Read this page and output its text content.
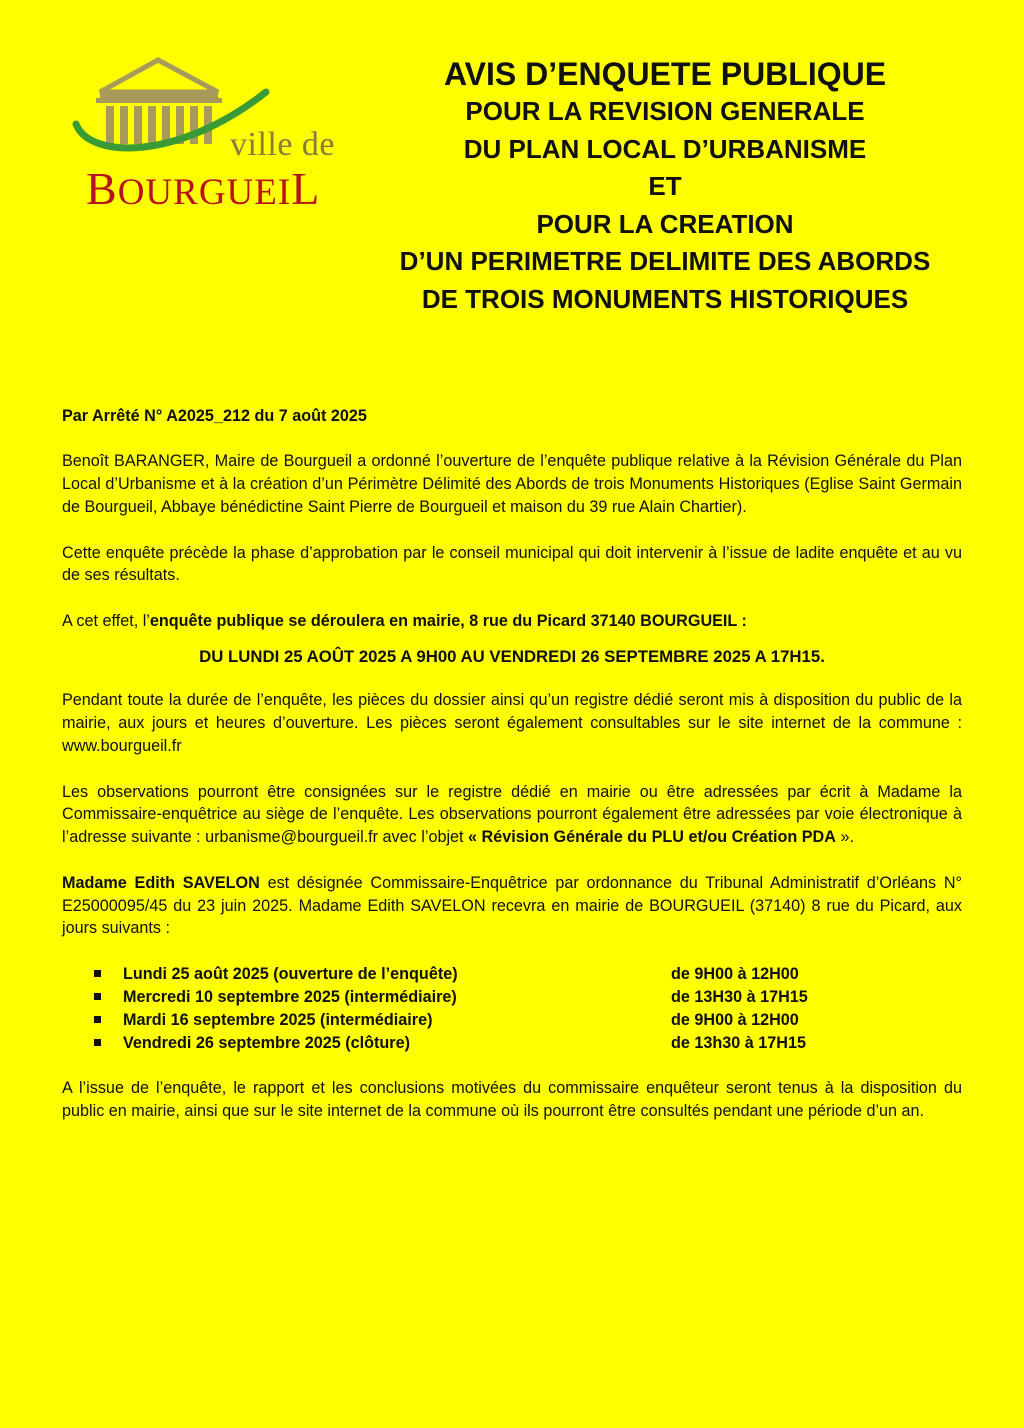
ville de
BOURGUEIL
AVIS D’ENQUETE PUBLIQUE
POUR LA REVISION GENERALE
DU PLAN LOCAL D’URBANISME
ET
POUR LA CREATION
D’UN PERIMETRE DELIMITE DES ABORDS
DE TROIS MONUMENTS HISTORIQUES

Par Arrêté N° A2025_212 du 7 août 2025

Benoît BARANGER, Maire de Bourgueil a ordonné l’ouverture de l’enquête publique relative à la Révision Générale du Plan Local d’Urbanisme et à la création d’un Périmètre Délimité des Abords de trois Monuments Historiques (Eglise Saint Germain de Bourgueil, Abbaye bénédictine Saint Pierre de Bourgueil et maison du 39 rue Alain Chartier).

Cette enquête précède la phase d’approbation par le conseil municipal qui doit intervenir à l’issue de ladite enquête et au vu de ses résultats.

A cet effet, l’enquête publique se déroulera en mairie, 8 rue du Picard 37140 BOURGUEIL :

DU LUNDI 25 AOÛT 2025 A 9H00 AU VENDREDI 26 SEPTEMBRE 2025 A 17H15.

Pendant toute la durée de l’enquête, les pièces du dossier ainsi qu’un registre dédié seront mis à disposition du public de la mairie, aux jours et heures d’ouverture. Les pièces seront également consultables sur le site internet de la commune : www.bourgueil.fr

Les observations pourront être consignées sur le registre dédié en mairie ou être adressées par écrit à Madame la Commissaire-enquêtrice au siège de l’enquête. Les observations pourront également être adressées par voie électronique à l’adresse suivante : urbanisme@bourgueil.fr avec l’objet « Révision Générale du PLU et/ou Création PDA ».

Madame Edith SAVELON est désignée Commissaire-Enquêtrice par ordonnance du Tribunal Administratif d’Orléans N° E25000095/45 du 23 juin 2025. Madame Edith SAVELON recevra en mairie de BOURGUEIL (37140) 8 rue du Picard, aux jours suivants :

Lundi 25 août 2025 (ouverture de l’enquête)	de 9H00 à 12H00
Mercredi 10 septembre 2025 (intermédiaire)	de 13H30 à 17H15
Mardi 16 septembre 2025 (intermédiaire)	de 9H00 à 12H00
Vendredi 26 septembre 2025 (clôture)	de 13h30 à 17H15

A l’issue de l’enquête, le rapport et les conclusions motivées du commissaire enquêteur seront tenus à la disposition du public en mairie, ainsi que sur le site internet de la commune où ils pourront être consultés pendant une période d’un an.
